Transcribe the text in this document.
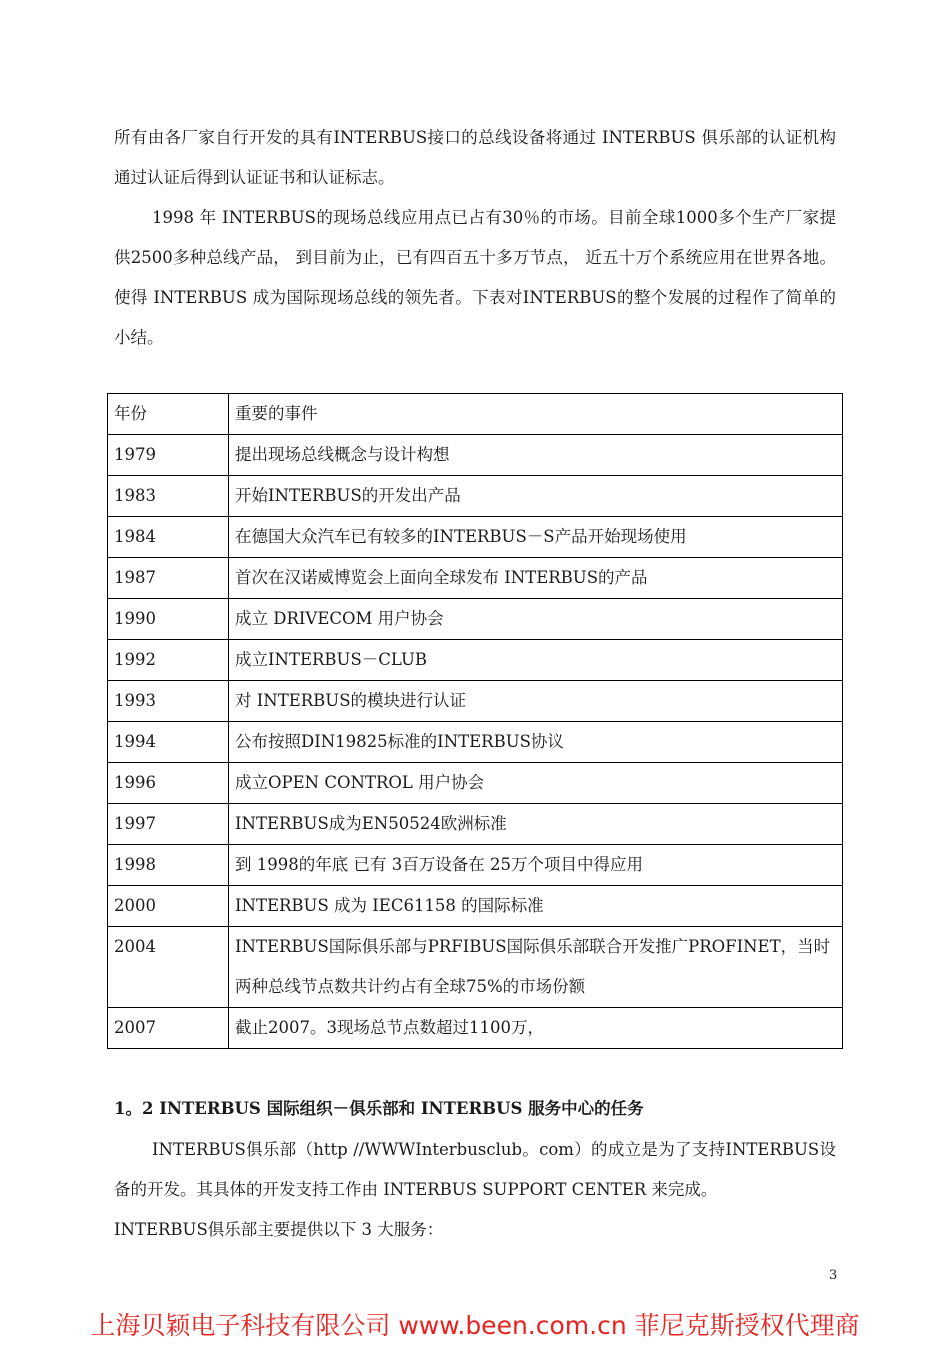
所有由各厂家自行开发的具有INTERBUS接口的总线设备将通过 INTERBUS 俱乐部的认证机构通过认证后得到认证证书和认证标志。

1998 年 INTERBUS的现场总线应用点已占有30％的市场。目前全球1000多个生产厂家提供2500多种总线产品， 到目前为止，已有四百五十多万节点， 近五十万个系统应用在世界各地。使得 INTERBUS 成为国际现场总线的领先者。下表对INTERBUS的整个发展的过程作了简单的小结。

年份	重要的事件
1979	提出现场总线概念与设计构想
1983	开始INTERBUS的开发出产品
1984	在德国大众汽车已有较多的INTERBUS－S产品开始现场使用
1987	首次在汉诺威博览会上面向全球发布 INTERBUS的产品
1990	成立 DRIVECOM 用户协会
1992	成立INTERBUS－CLUB
1993	对 INTERBUS的模块进行认证
1994	公布按照DIN19825标准的INTERBUS协议
1996	成立OPEN CONTROL 用户协会
1997	INTERBUS成为EN50524欧洲标准
1998	到 1998的年底 已有 3百万设备在 25万个项目中得应用
2000	INTERBUS 成为 IEC61158 的国际标准
2004	INTERBUS国际俱乐部与PRFIBUS国际俱乐部联合开发推广PROFINET，当时两种总线节点数共计约占有全球75%的市场份额
2007	截止2007。3现场总节点数超过1100万，
1。2 INTERBUS 国际组织－俱乐部和 INTERBUS 服务中心的任务

INTERBUS俱乐部（http //WWWInterbusclub。com）的成立是为了支持INTERBUS设备的开发。其具体的开发支持工作由 INTERBUS SUPPORT CENTER 来完成。

INTERBUS俱乐部主要提供以下 3 大服务：

3
上海贝颖电子科技有限公司 www.been.com.cn 菲尼克斯授权代理商
